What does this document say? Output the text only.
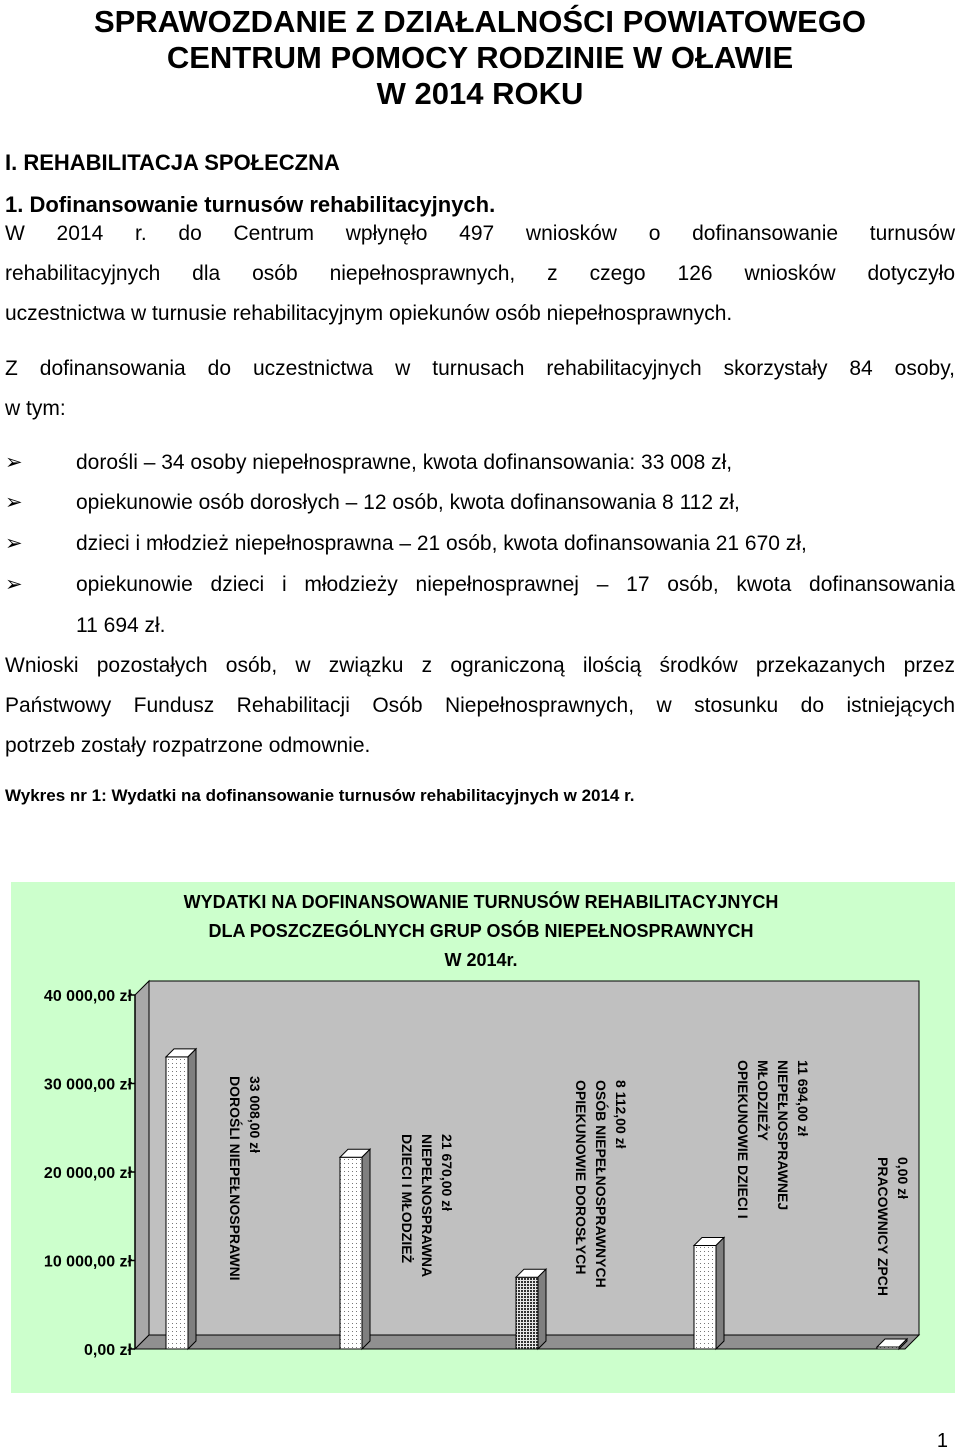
SPRAWOZDANIE Z DZIAŁALNOŚCI POWIATOWEGO
CENTRUM POMOCY RODZINIE W OŁAWIE
W 2014 ROKU
I. REHABILITACJA SPOŁECZNA
1. Dofinansowanie turnusów rehabilitacyjnych.
W 2014 r. do Centrum wpłynęło 497 wniosków o dofinansowanie turnusów
rehabilitacyjnych dla osób niepełnosprawnych, z czego 126 wniosków dotyczyło
uczestnictwa w turnusie rehabilitacyjnym opiekunów osób niepełnosprawnych.
Z dofinansowania do uczestnictwa w turnusach rehabilitacyjnych skorzystały 84 osoby,
w tym:
➢	dorośli – 34 osoby niepełnosprawne, kwota dofinansowania: 33 008 zł,
➢	opiekunowie osób dorosłych – 12 osób, kwota dofinansowania 8 112 zł,
➢	dzieci i młodzież niepełnosprawna – 21 osób, kwota dofinansowania 21 670 zł,
➢	opiekunowie dzieci i młodzieży niepełnosprawnej – 17 osób, kwota dofinansowania
11 694 zł.
Wnioski pozostałych osób, w związku z ograniczoną ilością środków przekazanych przez
Państwowy Fundusz Rehabilitacji Osób Niepełnosprawnych, w stosunku do istniejących
potrzeb zostały rozpatrzone odmownie.
Wykres nr 1: Wydatki na dofinansowanie turnusów rehabilitacyjnych w 2014 r.
WYDATKI NA DOFINANSOWANIE TURNUSÓW REHABILITACYJNYCH
DLA POSZCZEGÓLNYCH GRUP OSÓB NIEPEŁNOSPRAWNYCH
W 2014r.
0,00 zł
10 000,00 zł
20 000,00 zł
30 000,00 zł
40 000,00 zł
DOROŚLI NIEPEŁNOSPRAWNI 33 008,00 zł
DZIECI I MŁODZIEŻ NIEPEŁNOSPRAWNA 21 670,00 zł	OPIEKUNOWIE DOROSŁYCH OSÓB NIEPEŁNOSPRAWNYCH 8 112,00 zł	OPIEKUNOWIE DZIECI I MŁODZIEŻY NIEPEŁNOSPRAWNEJ 11 694,00 zł
PRACOWNICY ZPCH 0,00 zł
1
